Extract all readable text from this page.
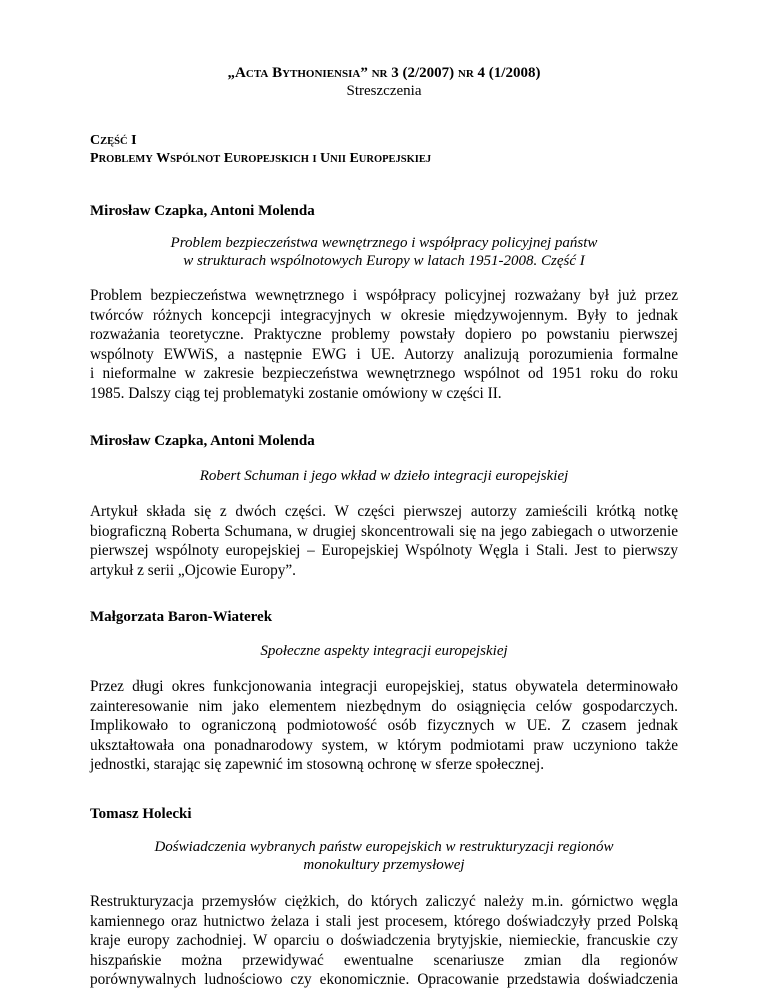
„ACTA BYTHONIENSIA” NR 3 (2/2007) NR 4 (1/2008)
Streszczenia
CZĘŚĆ I
PROBLEMY WSPÓLNOT EUROPEJSKICH I UNII EUROPEJSKIEJ
Mirosław Czapka, Antoni Molenda
Problem bezpieczeństwa wewnętrznego i współpracy policyjnej państw
w strukturach wspólnotowych Europy w latach 1951-2008. Część I
Problem bezpieczeństwa wewnętrznego i współpracy policyjnej rozważany był już przez
twórców różnych koncepcji integracyjnych w okresie międzywojennym. Były to jednak
rozważania teoretyczne. Praktyczne problemy powstały dopiero po powstaniu pierwszej
wspólnoty EWWiS, a następnie EWG i UE. Autorzy analizują porozumienia formalne
i nieformalne w zakresie bezpieczeństwa wewnętrznego wspólnot od 1951 roku do roku
1985. Dalszy ciąg tej problematyki zostanie omówiony w części II.
Mirosław Czapka, Antoni Molenda
Robert Schuman i jego wkład w dzieło integracji europejskiej
Artykuł składa się z dwóch części. W części pierwszej autorzy zamieścili krótką notkę
biograficzną Roberta Schumana, w drugiej skoncentrowali się na jego zabiegach o utworzenie
pierwszej wspólnoty europejskiej – Europejskiej Wspólnoty Węgla i Stali. Jest to pierwszy
artykuł z serii „Ojcowie Europy”.
Małgorzata Baron-Wiaterek
Społeczne aspekty integracji europejskiej
Przez długi okres funkcjonowania integracji europejskiej, status obywatela determinowało
zainteresowanie nim jako elementem niezbędnym do osiągnięcia celów gospodarczych.
Implikowało to ograniczoną podmiotowość osób fizycznych w UE. Z czasem jednak
ukształtowała ona ponadnarodowy system, w którym podmiotami praw uczyniono także
jednostki, starając się zapewnić im stosowną ochronę w sferze społecznej.
Tomasz Holecki
Doświadczenia wybranych państw europejskich w restrukturyzacji regionów
monokultury przemysłowej
Restrukturyzacja przemysłów ciężkich, do których zaliczyć należy m.in. górnictwo węgla
kamiennego oraz hutnictwo żelaza i stali jest procesem, którego doświadczyły przed Polską
kraje europy zachodniej. W oparciu o doświadczenia brytyjskie, niemieckie, francuskie czy
hiszpańskie można przewidywać ewentualne scenariusze zmian dla regionów
porównywalnych ludnościowo czy ekonomicznie. Opracowanie przedstawia doświadczenia
